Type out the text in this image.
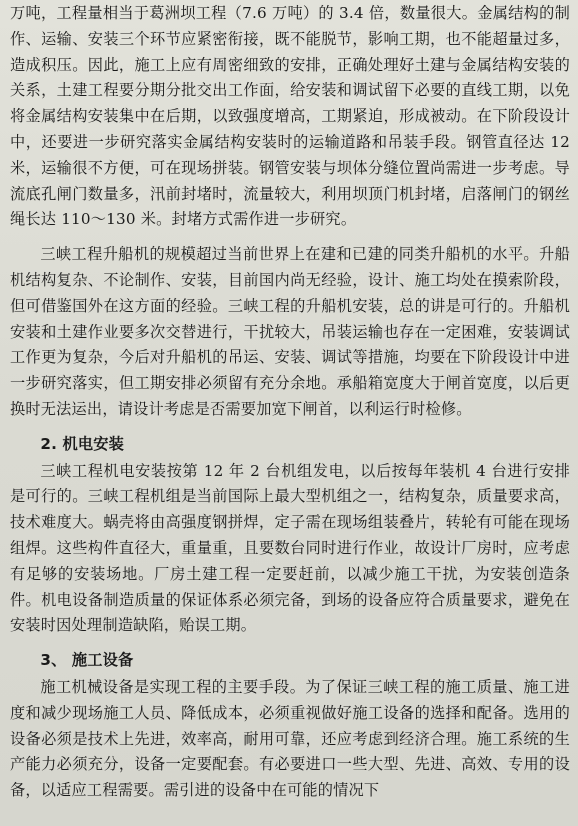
万吨，工程量相当于葛洲坝工程（7.6 万吨）的 3.4 倍，数量很大。金属结构的制作、运输、安装三个环节应紧密衔接，既不能脱节，影响工期，也不能超量过多，造成积压。因此，施工上应有周密细致的安排，正确处理好土建与金属结构安装的关系，土建工程要分期分批交出工作面，给安装和调试留下必要的直线工期，以免将金属结构安装集中在后期，以致强度增高，工期紧迫，形成被动。在下阶段设计中，还要进一步研究落实金属结构安装时的运输道路和吊装手段。钢管直径达 12 米，运输很不方便，可在现场拼装。钢管安装与坝体分缝位置尚需进一步考虑。导流底孔闸门数量多，汛前封堵时，流量较大，利用坝顶门机封堵，启落闸门的钢丝绳长达 110～130 米。封堵方式需作进一步研究。

三峡工程升船机的规模超过当前世界上在建和已建的同类升船机的水平。升船机结构复杂、不论制作、安装，目前国内尚无经验，设计、施工均处在摸索阶段，但可借鉴国外在这方面的经验。三峡工程的升船机安装，总的讲是可行的。升船机安装和土建作业要多次交替进行，干扰较大，吊装运输也存在一定困难，安装调试工作更为复杂，今后对升船机的吊运、安装、调试等措施，均要在下阶段设计中进一步研究落实，但工期安排必须留有充分余地。承船箱宽度大于闸首宽度，以后更换时无法运出，请设计考虑是否需要加宽下闸首，以利运行时检修。

2. 机电安装

三峡工程机电安装按第 12 年 2 台机组发电，以后按每年装机 4 台进行安排是可行的。三峡工程机组是当前国际上最大型机组之一，结构复杂，质量要求高，技术难度大。蜗壳将由高强度钢拼焊，定子需在现场组装叠片，转轮有可能在现场组焊。这些构件直径大，重量重，且要数台同时进行作业，故设计厂房时，应考虑有足够的安装场地。厂房土建工程一定要赶前，以减少施工干扰，为安装创造条件。机电设备制造质量的保证体系必须完备，到场的设备应符合质量要求，避免在安装时因处理制造缺陷，贻误工期。

3、 施工设备

施工机械设备是实现工程的主要手段。为了保证三峡工程的施工质量、施工进度和减少现场施工人员、降低成本，必须重视做好施工设备的选择和配备。选用的设备必须是技术上先进，效率高，耐用可靠，还应考虑到经济合理。施工系统的生产能力必须充分，设备一定要配套。有必要进口一些大型、先进、高效、专用的设备，以适应工程需要。需引进的设备中在可能的情况下
